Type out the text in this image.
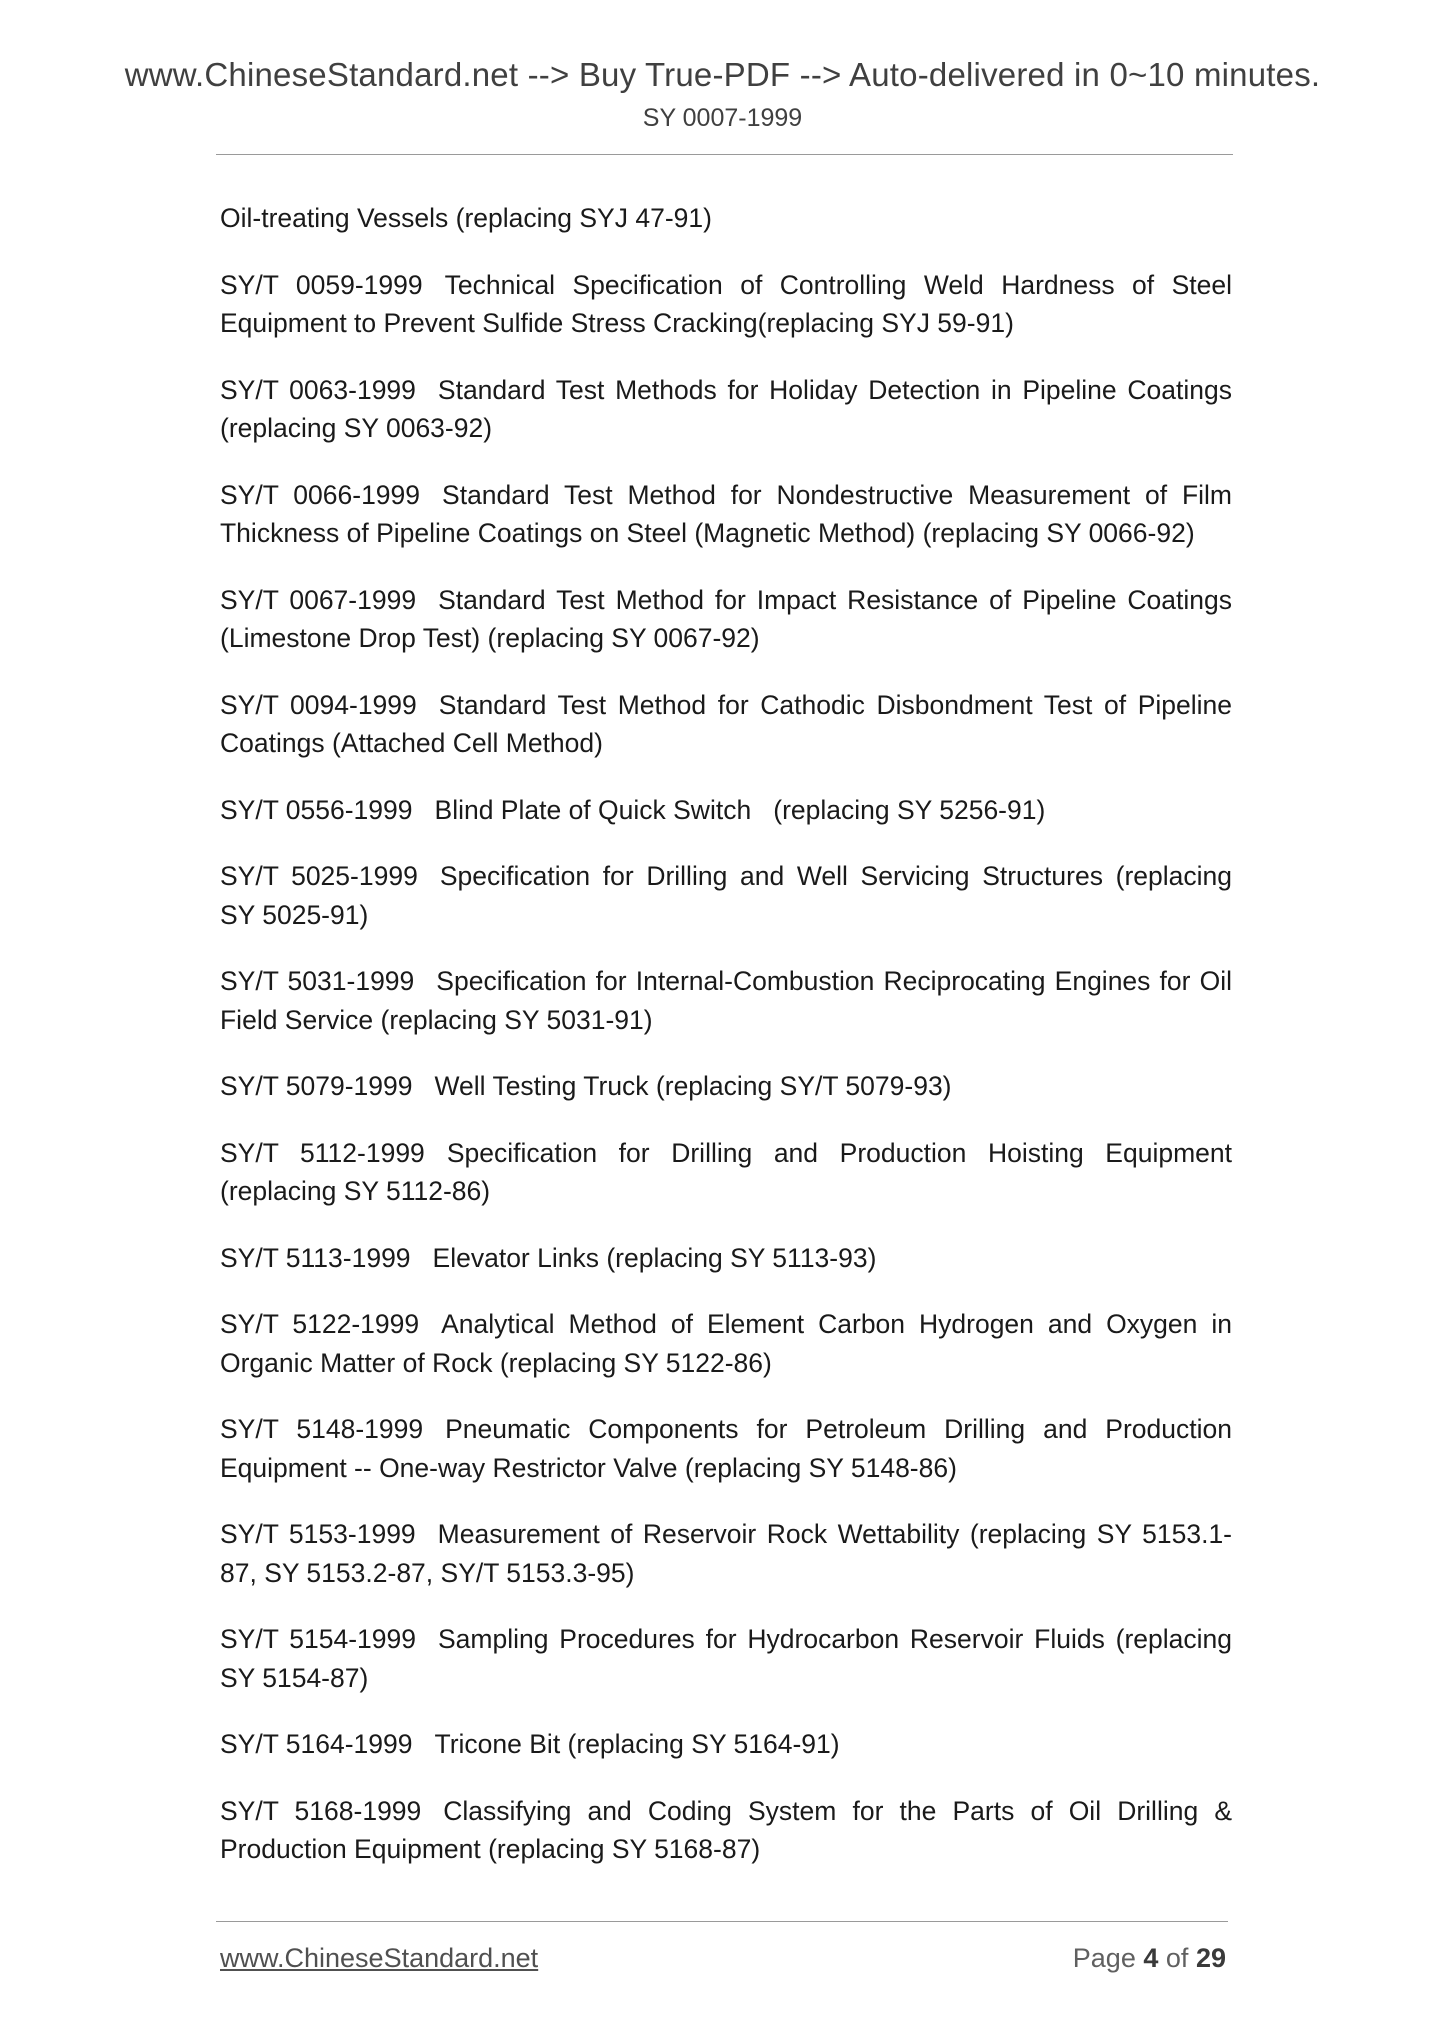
www.ChineseStandard.net --> Buy True-PDF --> Auto-delivered in 0~10 minutes.
SY 0007-1999

Oil-treating Vessels (replacing SYJ 47-91)

SY/T 0059-1999 Technical Specification of Controlling Weld Hardness of Steel Equipment to Prevent Sulfide Stress Cracking(replacing SYJ 59-91)

SY/T 0063-1999 Standard Test Methods for Holiday Detection in Pipeline Coatings (replacing SY 0063-92)

SY/T 0066-1999 Standard Test Method for Nondestructive Measurement of Film Thickness of Pipeline Coatings on Steel (Magnetic Method) (replacing SY 0066-92)

SY/T 0067-1999 Standard Test Method for Impact Resistance of Pipeline Coatings (Limestone Drop Test) (replacing SY 0067-92)

SY/T 0094-1999 Standard Test Method for Cathodic Disbondment Test of Pipeline Coatings (Attached Cell Method)

SY/T 0556-1999 Blind Plate of Quick Switch   (replacing SY 5256-91)

SY/T 5025-1999 Specification for Drilling and Well Servicing Structures (replacing SY 5025-91)

SY/T 5031-1999 Specification for Internal-Combustion Reciprocating Engines for Oil Field Service (replacing SY 5031-91)

SY/T 5079-1999 Well Testing Truck (replacing SY/T 5079-93)

SY/T 5112-1999 Specification for Drilling and Production Hoisting Equipment (replacing SY 5112-86)

SY/T 5113-1999 Elevator Links (replacing SY 5113-93)

SY/T 5122-1999 Analytical Method of Element Carbon Hydrogen and Oxygen in Organic Matter of Rock (replacing SY 5122-86)

SY/T 5148-1999 Pneumatic Components for Petroleum Drilling and Production Equipment -- One-way Restrictor Valve (replacing SY 5148-86)

SY/T 5153-1999 Measurement of Reservoir Rock Wettability (replacing SY 5153.1-87, SY 5153.2-87, SY/T 5153.3-95)

SY/T 5154-1999 Sampling Procedures for Hydrocarbon Reservoir Fluids (replacing SY 5154-87)

SY/T 5164-1999 Tricone Bit (replacing SY 5164-91)

SY/T 5168-1999 Classifying and Coding System for the Parts of Oil Drilling & Production Equipment (replacing SY 5168-87)

www.ChineseStandard.net	Page 4 of 29
